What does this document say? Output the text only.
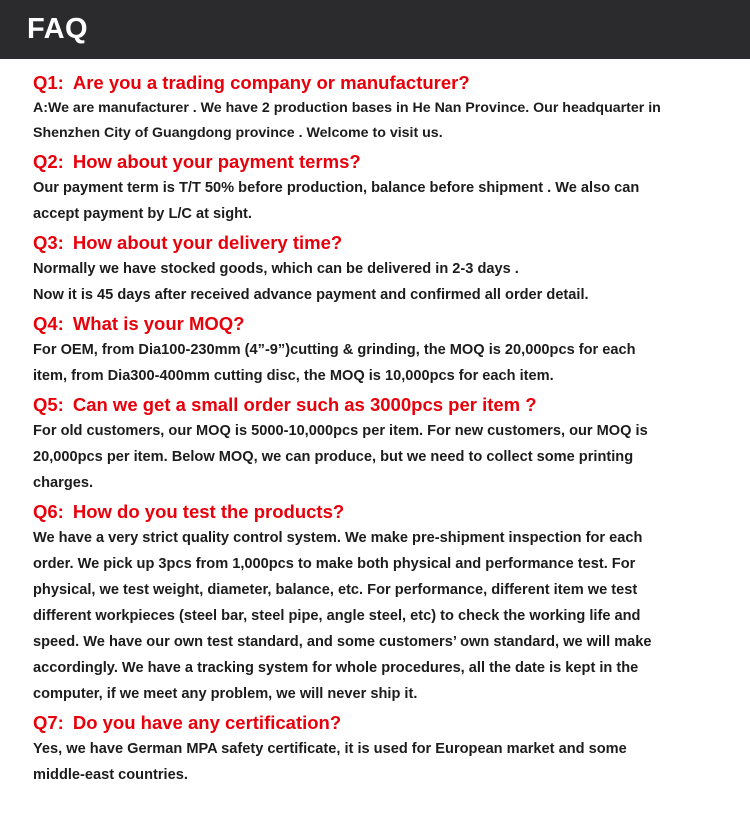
FAQ

Q1: Are you a trading company or manufacturer?

A:We are manufacturer . We have 2 production bases in He Nan Province. Our headquarter in
Shenzhen City of Guangdong province . Welcome to visit us.

Q2: How about your payment terms?

Our payment term is T/T 50% before production, balance before shipment . We also can
accept payment by L/C at sight.

Q3: How about your delivery time?

Normally we have stocked goods, which can be delivered in 2-3 days .
Now it is 45 days after received advance payment and confirmed all order detail.

Q4: What is your MOQ?

For OEM, from Dia100-230mm (4”-9”)cutting & grinding, the MOQ is 20,000pcs for each
item, from Dia300-400mm cutting disc, the MOQ is 10,000pcs for each item.

Q5: Can we get a small order such as 3000pcs per item ?

For old customers, our MOQ is 5000-10,000pcs per item. For new customers, our MOQ is
20,000pcs per item. Below MOQ, we can produce, but we need to collect some printing
charges.

Q6: How do you test the products?

We have a very strict quality control system. We make pre-shipment inspection for each
order. We pick up 3pcs from 1,000pcs to make both physical and performance test. For
physical, we test weight, diameter, balance, etc. For performance, different item we test
different workpieces (steel bar, steel pipe, angle steel, etc) to check the working life and
speed. We have our own test standard, and some customers’ own standard, we will make
accordingly. We have a tracking system for whole procedures, all the date is kept in the
computer, if we meet any problem, we will never ship it.

Q7: Do you have any certification?

Yes, we have German MPA safety certificate, it is used for European market and some
middle-east countries.
